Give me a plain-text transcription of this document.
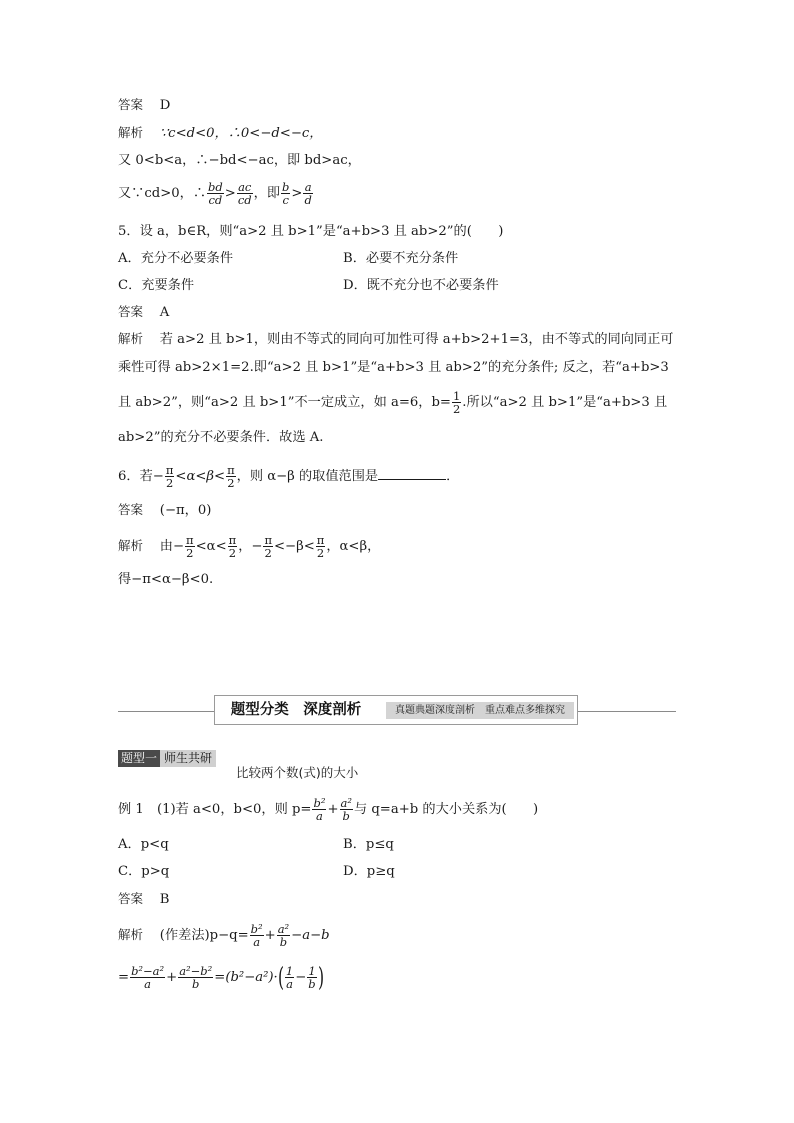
答案 D
解析 ∵c<d<0，∴0<−d<−c，
又 0<b<a，∴−bd<−ac，即 bd>ac，
又∵cd>0，∴ $\frac{bd}{cd} > \frac{ac}{cd}$ ，即 $\frac{b}{c} > \frac{a}{d}$
5．设 a，b∈R，则“a>2 且 b>1”是“a+b>3 且 ab>2”的(　　)
A．充分不必要条件	B．必要不充分条件
C．充要条件	D．既不充分也不必要条件
答案 A
解析 若 a>2 且 b>1，则由不等式的同向可加性可得 a+b>2+1=3，由不等式的同向同正可
乘性可得 ab>2×1=2.即“a>2 且 b>1”是“a+b>3 且 ab>2”的充分条件; 反之，若“a+b>3
且 ab>2”，则“a>2 且 b>1”不一定成立，如 a=6，$b= \frac{1}{2}$ .所以“a>2 且 b>1”是“a+b>3 且
ab>2”的充分不必要条件．故选 A.
6．若− $\frac{\pi}{2} <\alpha<\beta< \frac{\pi}{2}$ ，则 α−β 的取值范围是	．
答案 (−π，0)
解析 由− $\frac{\pi}{2} <\alpha< \frac{\pi}{2}$ ，− $\frac{\pi}{2} <-\beta< \frac{\pi}{2}$ ，α<β，
得−π<α−β<0.
题型分类　深度剖析	真题典题深度剖析　重点难点多维探究
题型一 师生共研
比较两个数(式)的大小
例 1　(1)若 a<0，b<0，则 $p= \frac{\text{b²}}{a} + \frac{\text{a²}}{b}$ 与 q=a+b 的大小关系为(　　)
A．p<q	B．p≤q
C．p>q	D．p≥q
答案 B
解析 (作差法)$p-q= \frac{\text{b²}}{a} + \frac{\text{a²}}{b} -a-b$
= $\frac{\text{b²−a²}}{a} + \frac{\text{a²−b²}}{b} =(b^2-a^2)\cdot( \frac{1}{a} - \frac{1}{b}$ )
